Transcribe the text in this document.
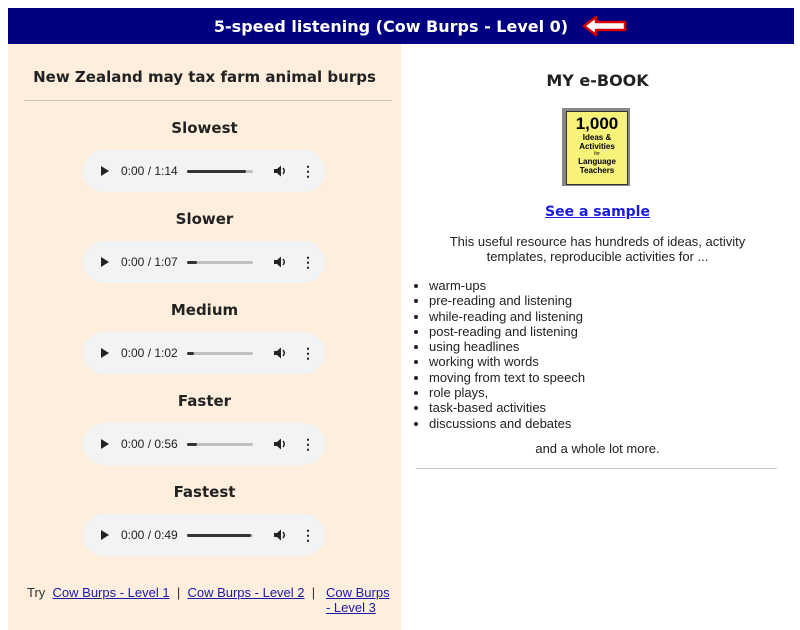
5-speed listening (Cow Burps - Level 0)
New Zealand may tax farm animal burps
Slowest
0:00 / 1:14	⋮
Slower
0:00 / 1:07	⋮
Medium
0:00 / 1:02	⋮
Faster
0:00 / 0:56	⋮
Fastest
0:00 / 0:49	⋮
Try Cow Burps - Level 1 | Cow Burps - Level 2 | Cow Burps
- Level 3
MY e-BOOK
1,000
Ideas &
Activities
for
Language
Teachers
See a sample
This useful resource has hundreds of ideas, activity templates, reproducible activities for ...
• warm-ups
• pre-reading and listening
• while-reading and listening
• post-reading and listening
• using headlines
• working with words
• moving from text to speech
• role plays,
• task-based activities
• discussions and debates
and a whole lot more.
